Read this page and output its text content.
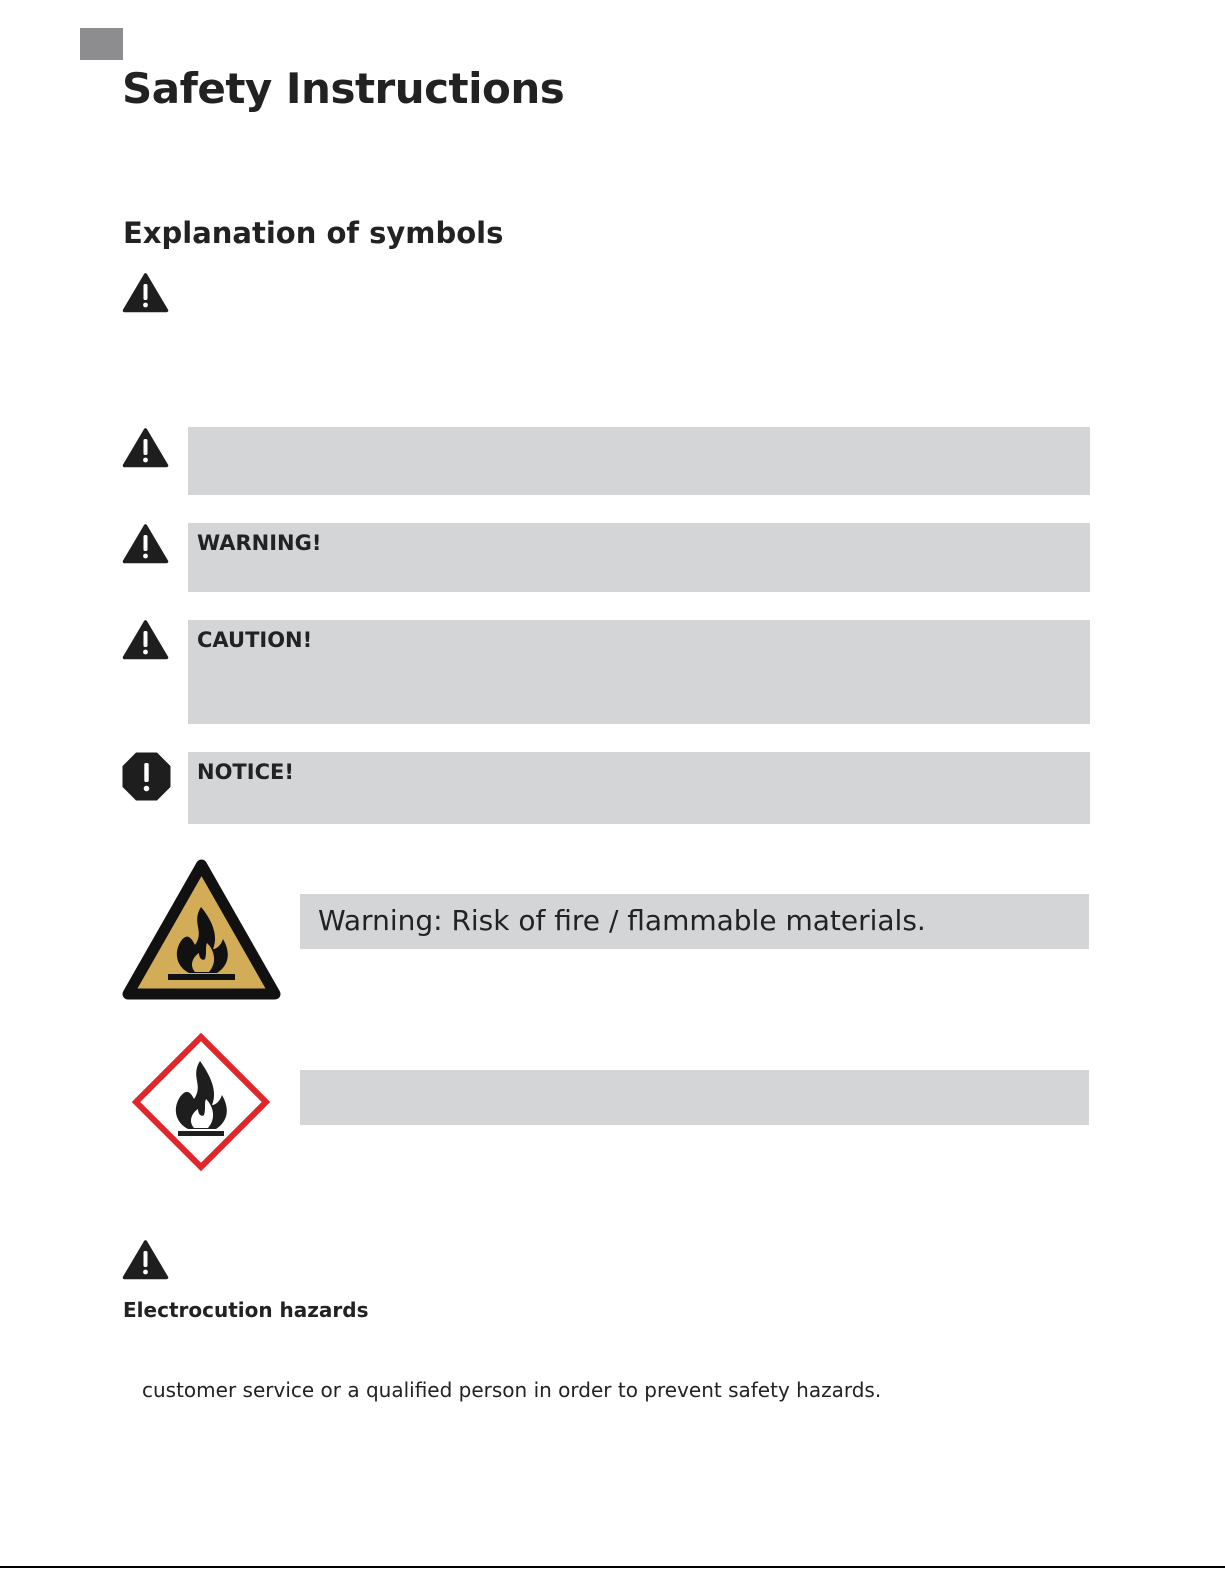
Safety Instructions
Explanation of symbols
WARNING!
CAUTION!
NOTICE!
Warning: Risk of fire / flammable materials.
Electrocution hazards

customer service or a qualified person in order to prevent safety hazards.
